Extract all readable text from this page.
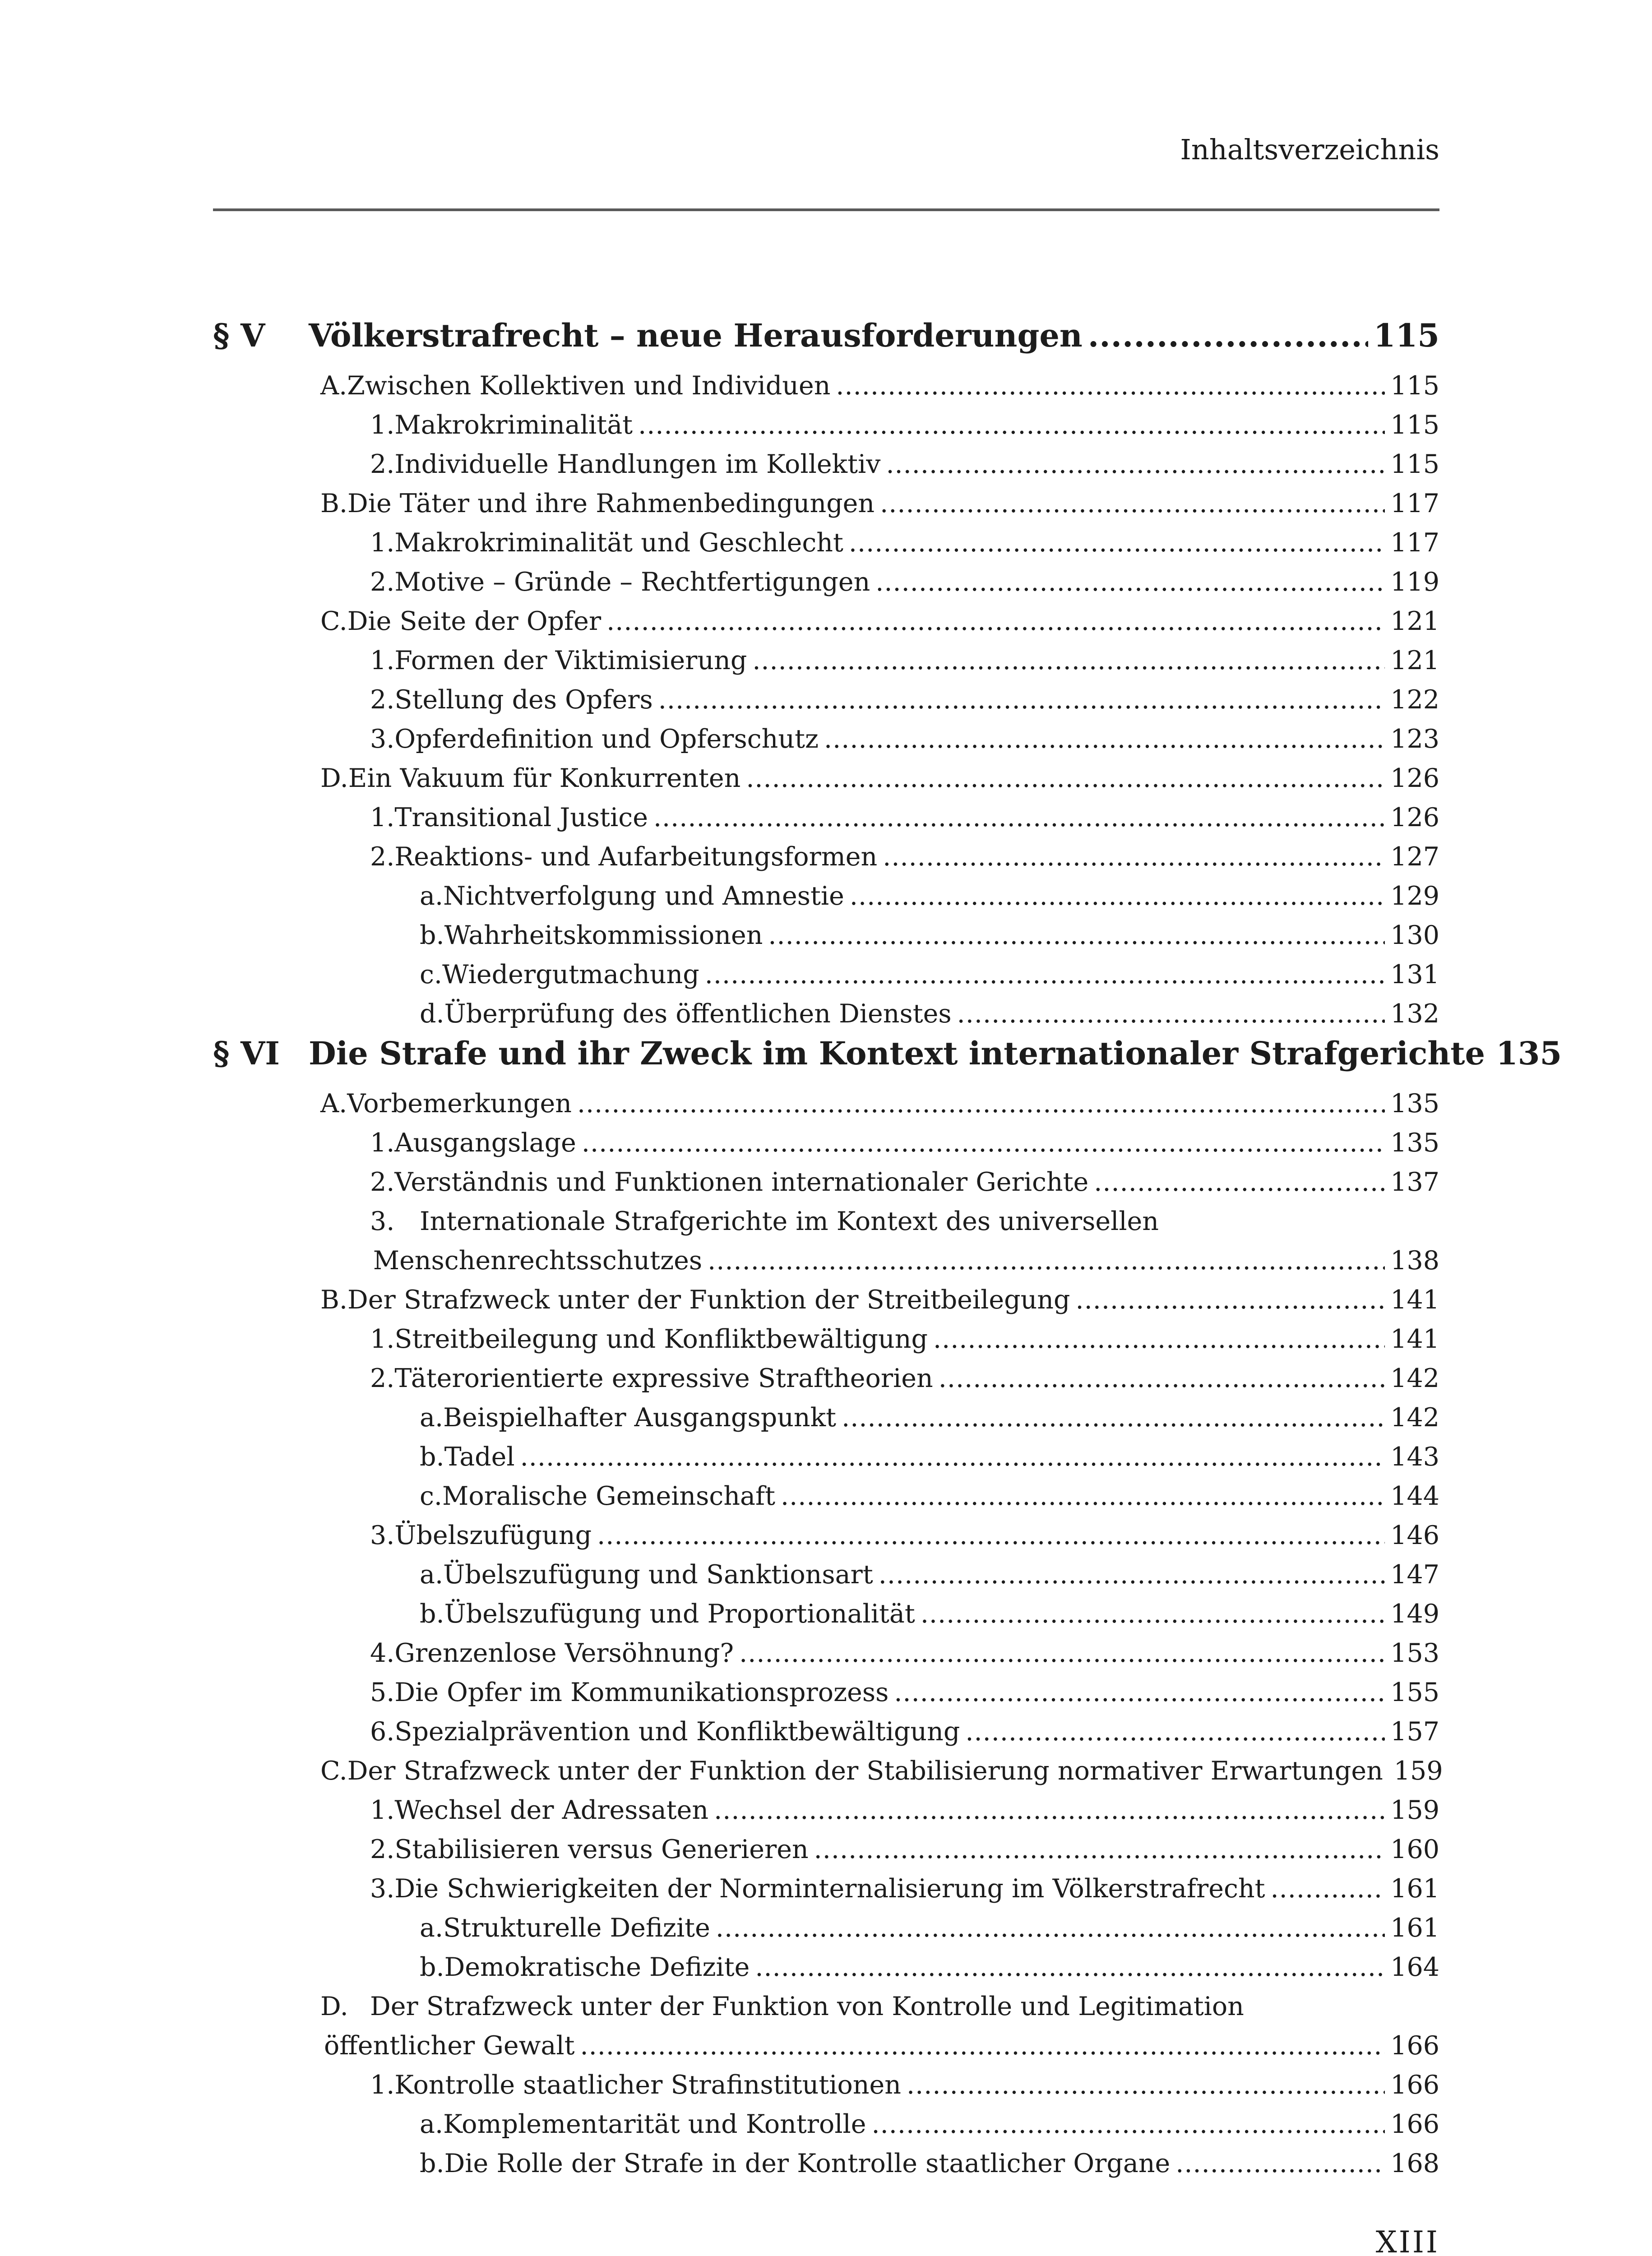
Inhaltsverzeichnis
§ V Völkerstrafrecht – neue Herausforderungen .....	115
A. Zwischen Kollektiven und Individuen .....	115
1. Makrokriminalität .....	115
2. Individuelle Handlungen im Kollektiv .....	115
B. Die Täter und ihre Rahmenbedingungen .....	117
1. Makrokriminalität und Geschlecht .....	117
2. Motive – Gründe – Rechtfertigungen .....	119
C. Die Seite der Opfer .....	121
1. Formen der Viktimisierung .....	121
2. Stellung des Opfers .....	122
3. Opferdefinition und Opferschutz .....	123
D. Ein Vakuum für Konkurrenten .....	126
1. Transitional Justice .....	126
2. Reaktions- und Aufarbeitungsformen .....	127
a. Nichtverfolgung und Amnestie .....	129
b. Wahrheitskommissionen .....	130
c. Wiedergutmachung .....	131
d. Überprüfung des öffentlichen Dienstes .....	132
§ VI Die Strafe und ihr Zweck im Kontext internationaler Strafgerichte 135
A. Vorbemerkungen .....	135
1. Ausgangslage .....	135
2. Verständnis und Funktionen internationaler Gerichte .....	137
3. Internationale Strafgerichte im Kontext des universellen
Menschenrechtsschutzes .....	138
B. Der Strafzweck unter der Funktion der Streitbeilegung .....	141
1. Streitbeilegung und Konfliktbewältigung .....	141
2. Täterorientierte expressive Straftheorien .....	142
a. Beispielhafter Ausgangspunkt .....	142
b. Tadel .....	143
c. Moralische Gemeinschaft .....	144
3. Übelszufügung .....	146
a. Übelszufügung und Sanktionsart .....	147
b. Übelszufügung und Proportionalität .....	149
4. Grenzenlose Versöhnung? .....	153
5. Die Opfer im Kommunikationsprozess .....	155
6. Spezialprävention und Konfliktbewältigung .....	157
C. Der Strafzweck unter der Funktion der Stabilisierung normativer Erwartungen 159
1. Wechsel der Adressaten .....	159
2. Stabilisieren versus Generieren .....	160
3. Die Schwierigkeiten der Norminternalisierung im Völkerstrafrecht .....	161
a. Strukturelle Defizite .....	161
b. Demokratische Defizite .....	164
D. Der Strafzweck unter der Funktion von Kontrolle und Legitimation
öffentlicher Gewalt .....	166
1. Kontrolle staatlicher Strafinstitutionen .....	166
a. Komplementarität und Kontrolle .....	166
b. Die Rolle der Strafe in der Kontrolle staatlicher Organe .....	168
XIII
